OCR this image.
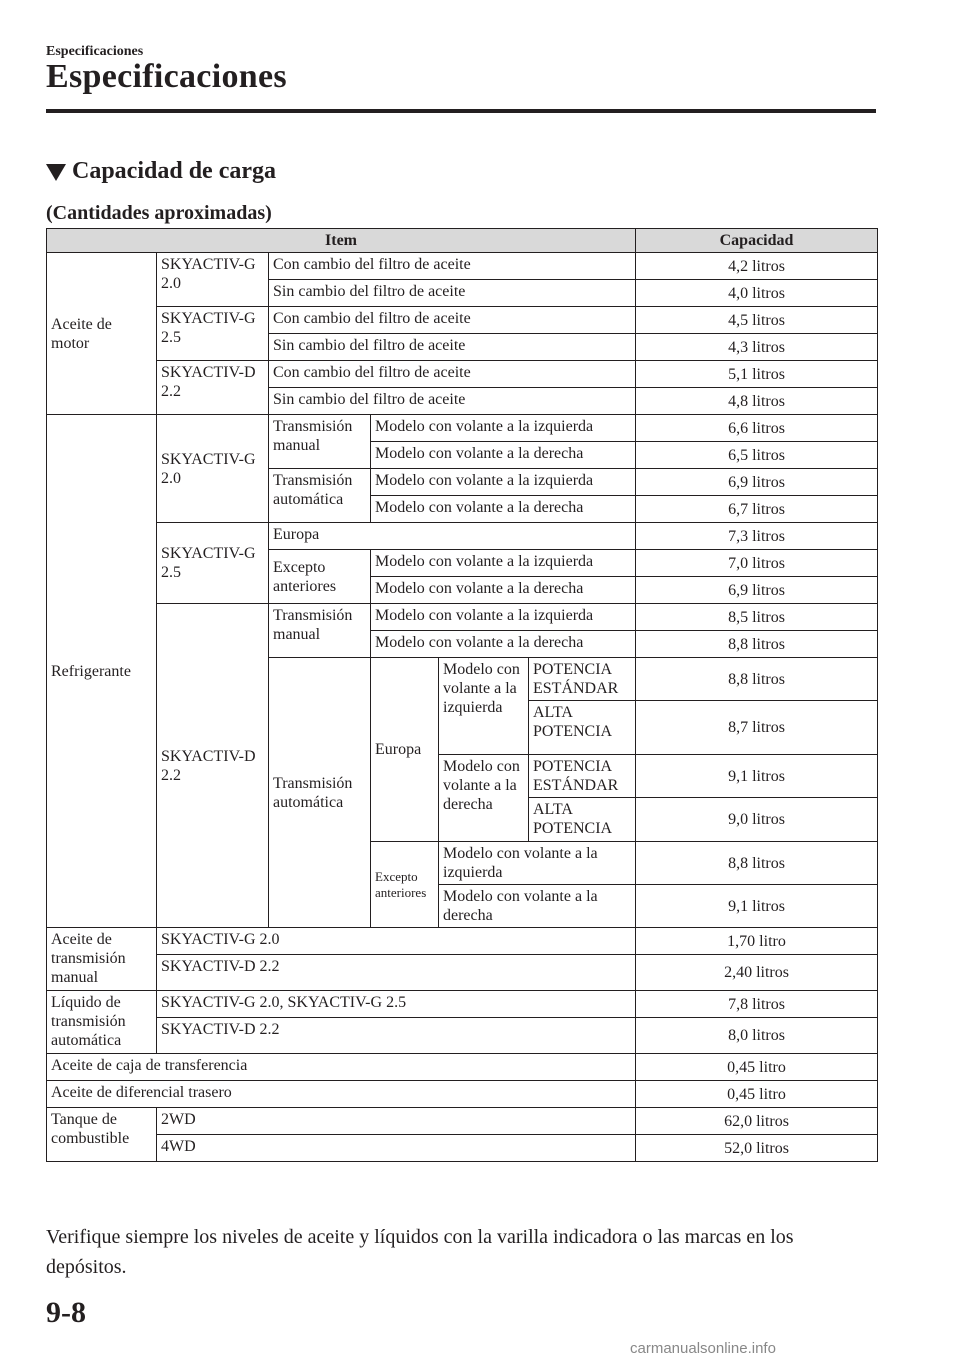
Especificaciones
Especificaciones
Capacidad de carga
(Cantidades aproximadas)
Item						Capacidad
Aceite de motor	SKYACTIV-G 2.0	Con cambio del filtro de aceite				4,2 litros
		Sin cambio del filtro de aceite				4,0 litros
	SKYACTIV-G 2.5	Con cambio del filtro de aceite				4,5 litros
		Sin cambio del filtro de aceite				4,3 litros
	SKYACTIV-D 2.2	Con cambio del filtro de aceite				5,1 litros
		Sin cambio del filtro de aceite				4,8 litros
Refrigerante	SKYACTIV-G 2.0	Transmisión manual	Modelo con volante a la izquierda			6,6 litros
			Modelo con volante a la derecha			6,5 litros
		Transmisión automática	Modelo con volante a la izquierda			6,9 litros
			Modelo con volante a la derecha			6,7 litros
	SKYACTIV-G 2.5	Europa				7,3 litros
		Excepto anteriores	Modelo con volante a la izquierda			7,0 litros
			Modelo con volante a la derecha			6,9 litros
	SKYACTIV-D 2.2	Transmisión manual	Modelo con volante a la izquierda			8,5 litros
			Modelo con volante a la derecha			8,8 litros
		Transmisión automática	Europa	Modelo con volante a la izquierda	POTENCIA ESTÁNDAR	8,8 litros
					ALTA POTENCIA	8,7 litros

				Modelo con volante a la derecha	POTENCIA ESTÁNDAR	9,1 litros
					ALTA POTENCIA	9,0 litros

			Excepto anteriores	Modelo con volante a la izquierda		8,8 litros

				Modelo con volante a la derecha		9,1 litros

Aceite de transmisión manual	SKYACTIV-G 2.0					1,70 litro
	SKYACTIV-D 2.2					2,40 litros
Líquido de transmisión automática	SKYACTIV-G 2.0, SKYACTIV-G 2.5					7,8 litros
	SKYACTIV-D 2.2					8,0 litros
Aceite de caja de transferencia						0,45 litro
Aceite de diferencial trasero						0,45 litro
Tanque de combustible	2WD					62,0 litros
	4WD					52,0 litros
Verifique siempre los niveles de aceite y líquidos con la varilla indicadora o las marcas en los depósitos.
9-8
carmanualsonline.info
